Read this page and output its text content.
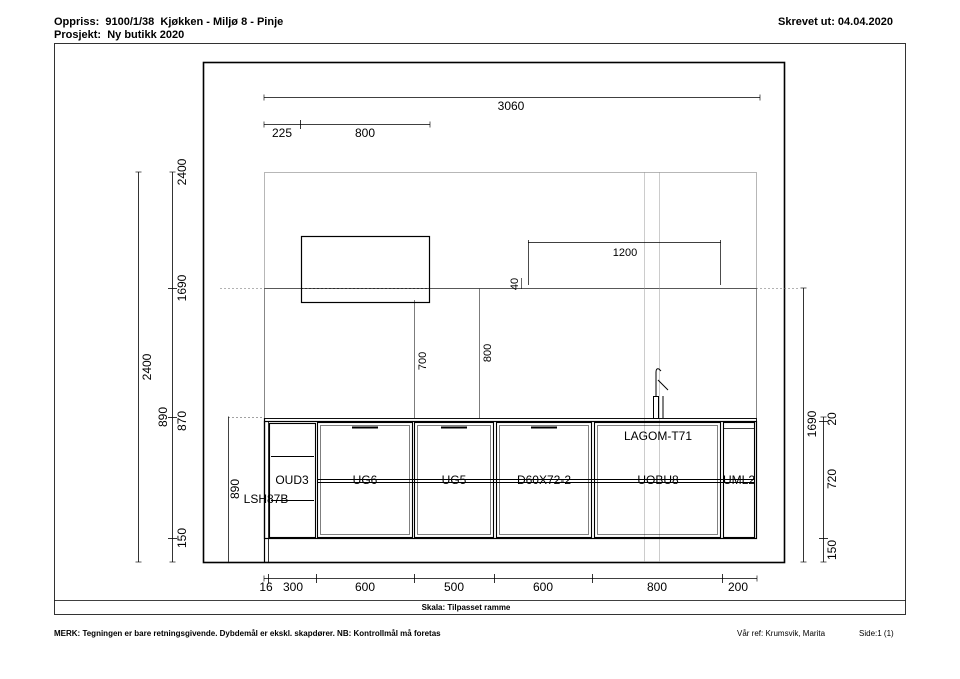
Oppriss: 9100/1/38  Kjøkken - Miljø 8 - Pinje
Prosjekt: Ny butikk 2020
Skrevet ut: 04.04.2020
Skala: Tilpasset ramme
1200
40
700	800
OUD3
LSH87B
UG6	UG5	D60X72-2	UOBU8	UML2
LAGOM-T71
3060
225	800
2400
2400
1690
870
150
890
890
1690 20
720
150
16 300	600	500	600	800	200
MERK: Tegningen er bare retningsgivende. Dybdemål er ekskl. skapdører. NB: Kontrollmål må foretas	Vår ref: Krumsvik, Marita	Side:1 (1)
